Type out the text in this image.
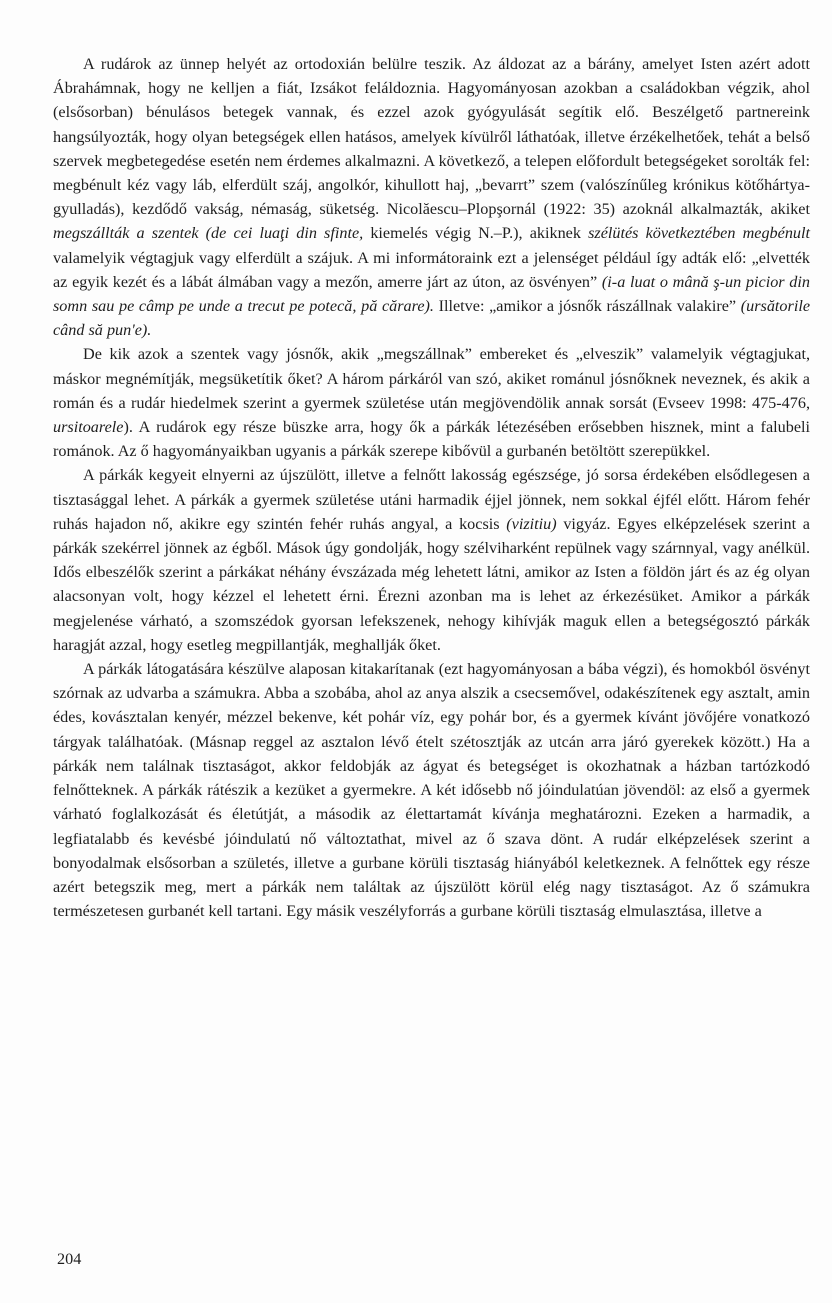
A rudárok az ünnep helyét az ortodoxián belülre teszik. Az áldozat az a bárány, amelyet Isten azért adott Ábrahámnak, hogy ne kelljen a fiát, Izsákot feláldoznia. Hagyományosan azokban a családokban végzik, ahol (elsősorban) bénulásos betegek vannak, és ezzel azok gyógyulását segítik elő. Beszélgető partnereink hangsúlyozták, hogy olyan betegségek ellen hatásos, amelyek kívülről láthatóak, illetve érzékelhetőek, tehát a belső szervek megbetegedése esetén nem érdemes alkalmazni. A következő, a telepen előfordult betegségeket sorolták fel: megbénult kéz vagy láb, elferdült száj, angolkór, kihullott haj, „bevarrt” szem (valószínűleg krónikus kötőhártya-gyulladás), kezdődő vakság, némaság, süketség. Nicolăescu–Plopşornál (1922: 35) azoknál alkalmazták, akiket megszállták a szentek (de cei luaţi din sfinte, kiemelés végig N.–P.), akiknek szélütés következtében megbénult valamelyik végtagjuk vagy elferdült a szájuk. A mi informátoraink ezt a jelenséget például így adták elő: „elvették az egyik kezét és a lábát álmában vagy a mezőn, amerre járt az úton, az ösvényen” (i-a luat o mână ş-un picior din somn sau pe câmp pe unde a trecut pe potecă, pă cărare). Illetve: „amikor a jósnők rászállnak valakire” (ursătorile când să pun'e).

De kik azok a szentek vagy jósnők, akik „megszállnak” embereket és „elveszik” valamelyik végtagjukat, máskor megnémítják, megsüketítik őket? A három párkáról van szó, akiket románul jósnőknek neveznek, és akik a román és a rudár hiedelmek szerint a gyermek születése után megjövendölik annak sorsát (Evseev 1998: 475-476, ursitoarele). A rudárok egy része büszke arra, hogy ők a párkák létezésében erősebben hisznek, mint a falubeli románok. Az ő hagyományaikban ugyanis a párkák szerepe kibővül a gurbanén betöltött szerepükkel.

A párkák kegyeit elnyerni az újszülött, illetve a felnőtt lakosság egészsége, jó sorsa érdekében elsődlegesen a tisztasággal lehet. A párkák a gyermek születése utáni harmadik éjjel jönnek, nem sokkal éjfél előtt. Három fehér ruhás hajadon nő, akikre egy szintén fehér ruhás angyal, a kocsis (vizitiu) vigyáz. Egyes elképzelések szerint a párkák szekérrel jönnek az égből. Mások úgy gondolják, hogy szélviharként repülnek vagy szárnnyal, vagy anélkül. Idős elbeszélők szerint a párkákat néhány évszázada még lehetett látni, amikor az Isten a földön járt és az ég olyan alacsonyan volt, hogy kézzel el lehetett érni. Érezni azonban ma is lehet az érkezésüket. Amikor a párkák megjelenése várható, a szomszédok gyorsan lefekszenek, nehogy kihívják maguk ellen a betegségosztó párkák haragját azzal, hogy esetleg megpillantják, meghallják őket.

A párkák látogatására készülve alaposan kitakarítanak (ezt hagyományosan a bába végzi), és homokból ösvényt szórnak az udvarba a számukra. Abba a szobába, ahol az anya alszik a csecsemővel, odakészítenek egy asztalt, amin édes, kovásztalan kenyér, mézzel bekenve, két pohár víz, egy pohár bor, és a gyermek kívánt jövőjére vonatkozó tárgyak találhatóak. (Másnap reggel az asztalon lévő ételt szétosztják az utcán arra járó gyerekek között.) Ha a párkák nem találnak tisztaságot, akkor feldobják az ágyat és betegséget is okozhatnak a házban tartózkodó felnőtteknek. A párkák rátészik a kezüket a gyermekre. A két idősebb nő jóindulatúan jövendöl: az első a gyermek várható foglalkozását és életútját, a második az élettartamát kívánja meghatározni. Ezeken a harmadik, a legfiatalabb és kevésbé jóindulatú nő változtathat, mivel az ő szava dönt. A rudár elképzelések szerint a bonyodalmak elsősorban a születés, illetve a gurbane körüli tisztaság hiányából keletkeznek. A felnőttek egy része azért betegszik meg, mert a párkák nem találtak az újszülött körül elég nagy tisztaságot. Az ő számukra természetesen gurbanét kell tartani. Egy másik veszélyforrás a gurbane körüli tisztaság elmulasztása, illetve a

204
